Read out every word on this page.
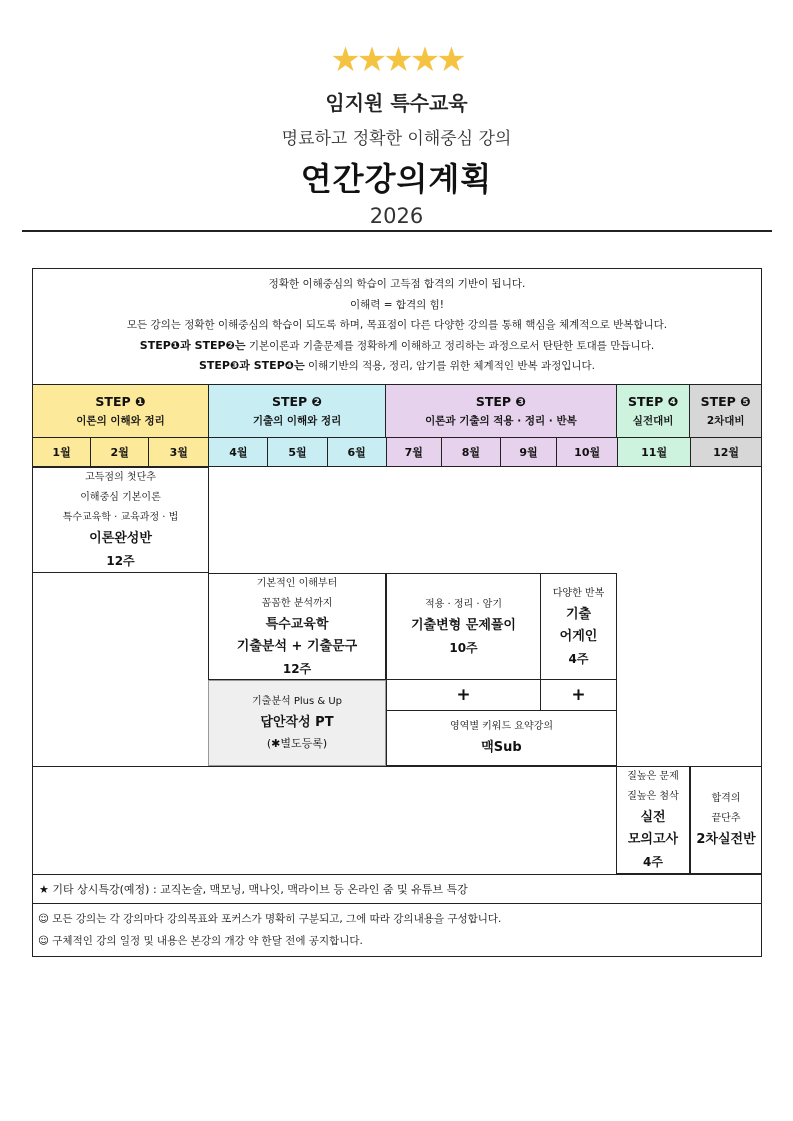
★★★★★
임지원 특수교육
명료하고 정확한 이해중심 강의
연간강의계획
2026

정확한 이해중심의 학습이 고득점 합격의 기반이 됩니다.

이해력 = 합격의 힘!

모든 강의는 정확한 이해중심의 학습이 되도록 하며, 목표점이 다른 다양한 강의를 통해 핵심을 체계적으로 반복합니다.

STEP❶과 STEP❷는 기본이론과 기출문제를 정확하게 이해하고 정리하는 과정으로서 탄탄한 토대를 만듭니다.

STEP❸과 STEP❹는 이해기반의 적용, 정리, 암기를 위한 체계적인 반복 과정입니다.

STEP ❶
이론의 이해와 정리
STEP ❷
기출의 이해와 정리
STEP ❸
이론과 기출의 적용 · 정리 · 반복
STEP ❹
실전대비
STEP ❺
2차대비
1월	2월	3월	4월	5월	6월	7월	8월	9월	10월	11월	12월
고득점의 첫단추
이해중심 기본이론
특수교육학 · 교육과정 · 법
이론완성반
12주
기본적인 이해부터
꼼꼼한 분석까지
특수교육학
기출분석 + 기출문구
12주
기출분석 Plus & Up
답안작성 PT
(✱별도등록)
적용 · 정리 · 암기
기출변형 문제풀이
10주
다양한 반복
기출
어게인
4주
+	+
영역별 키워드 요약강의
맥Sub
질높은 문제
질높은 첨삭
실전
모의고사
4주
합격의
끝단추
2차실전반
★ 기타 상시특강(예정) : 교직논술, 맥모닝, 맥나잇, 맥라이브 등 온라인 줌 및 유튜브 특강

☺ 모든 강의는 각 강의마다 강의목표와 포커스가 명확히 구분되고, 그에 따라 강의내용을 구성합니다.

☺ 구체적인 강의 일정 및 내용은 본강의 개강 약 한달 전에 공지합니다.
